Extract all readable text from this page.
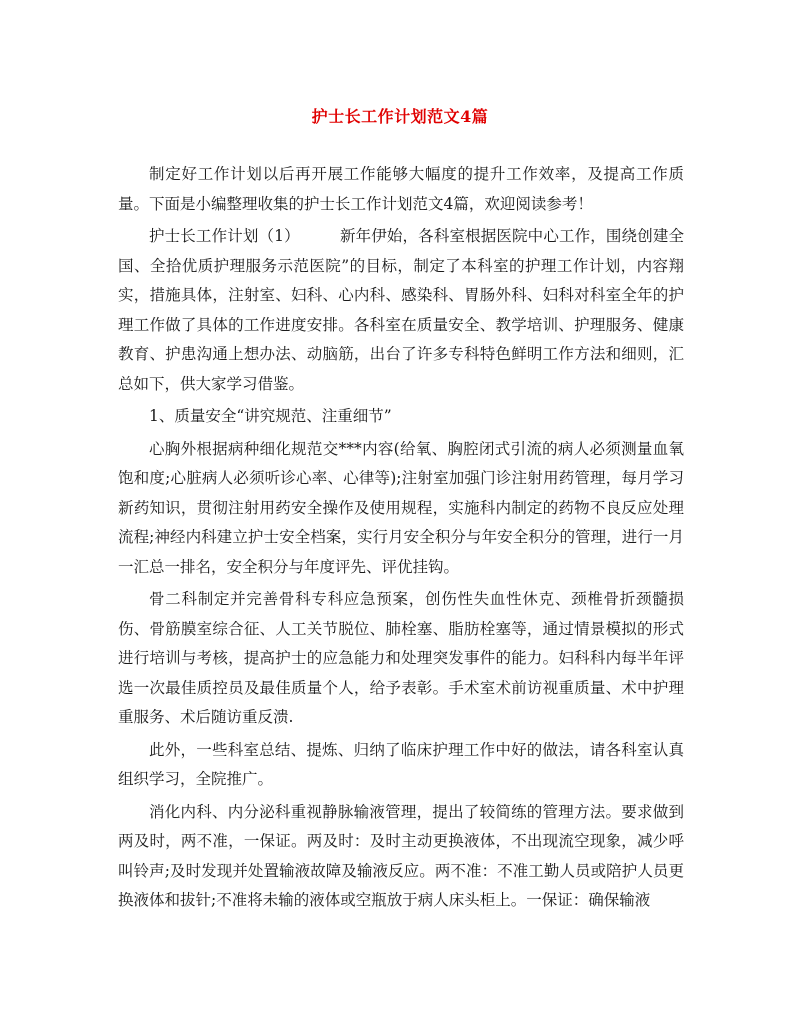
护士长工作计划范文4篇

制定好工作计划以后再开展工作能够大幅度的提升工作效率，及提高工作质量。下面是小编整理收集的护士长工作计划范文4篇，欢迎阅读参考！

护士长工作计划（1）	新年伊始，各科室根据医院中心工作，围绕创建全国、全拾优质护理服务示范医院”的目标，制定了本科室的护理工作计划，内容翔实，措施具体，注射室、妇科、心内科、感染科、胃肠外科、妇科对科室全年的护理工作做了具体的工作进度安排。各科室在质量安全、教学培训、护理服务、健康教育、护患沟通上想办法、动脑筋，出台了许多专科特色鲜明工作方法和细则，汇总如下，供大家学习借鉴。

1、质量安全“讲究规范、注重细节”

心胸外根据病种细化规范交***内容(给氧、胸腔闭式引流的病人必须测量血氧饱和度;心脏病人必须听诊心率、心律等);注射室加强门诊注射用药管理，每月学习新药知识，贯彻注射用药安全操作及使用规程，实施科内制定的药物不良反应处理流程;神经内科建立护士安全档案，实行月安全积分与年安全积分的管理，进行一月一汇总一排名，安全积分与年度评先、评优挂钩。

骨二科制定并完善骨科专科应急预案，创伤性失血性休克、颈椎骨折颈髓损伤、骨筋膜室综合征、人工关节脱位、肺栓塞、脂肪栓塞等，通过情景模拟的形式进行培训与考核，提高护士的应急能力和处理突发事件的能力。妇科科内每半年评选一次最佳质控员及最佳质量个人，给予表彰。手术室术前访视重质量、术中护理重服务、术后随访重反溃.

此外，一些科室总结、提炼、归纳了临床护理工作中好的做法，请各科室认真组织学习，全院推广。

消化内科、内分泌科重视静脉输液管理，提出了较简练的管理方法。要求做到两及时，两不准，一保证。两及时：及时主动更换液体，不出现流空现象，减少呼叫铃声;及时发现并处置输液故障及输液反应。两不准：不准工勤人员或陪护人员更换液体和拔针;不准将未输的液体或空瓶放于病人床头柜上。一保证：确保输液
